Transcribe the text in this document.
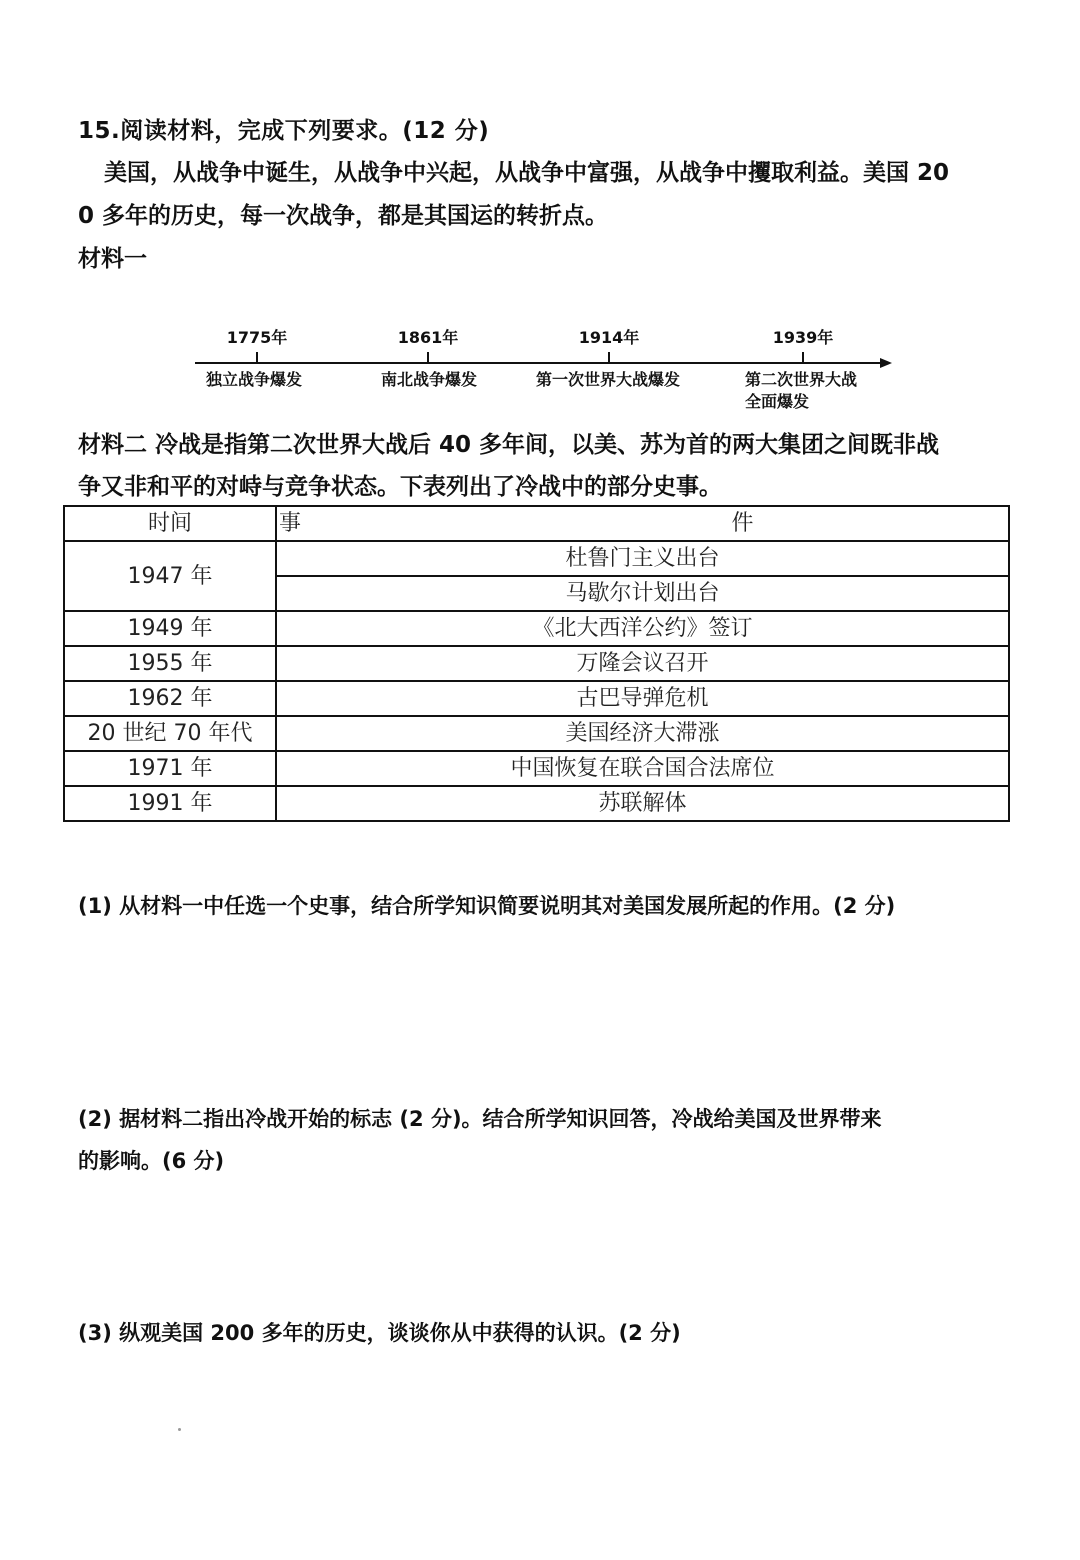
15.阅读材料，完成下列要求。(12 分)
美国，从战争中诞生，从战争中兴起，从战争中富强，从战争中攫取利益。美国 20
0 多年的历史，每一次战争，都是其国运的转折点。
材料一
1775年	1861年	1914年	1939年
独立战争爆发	南北战争爆发	第一次世界大战爆发	第二次世界大战
全面爆发
材料二 冷战是指第二次世界大战后 40 多年间，以美、苏为首的两大集团之间既非战
争又非和平的对峙与竞争状态。下表列出了冷战中的部分史事。
时间	事 件
1947 年	杜鲁门主义出台
	马歇尔计划出台
1949 年	《北大西洋公约》签订
1955 年	万隆会议召开
1962 年	古巴导弹危机
20 世纪 70 年代	美国经济大滞涨
1971 年	中国恢复在联合国合法席位
1991 年	苏联解体
(1) 从材料一中任选一个史事，结合所学知识简要说明其对美国发展所起的作用。(2 分)
(2) 据材料二指出冷战开始的标志 (2 分)。结合所学知识回答，冷战给美国及世界带来
的影响。(6 分)
(3) 纵观美国 200 多年的历史，谈谈你从中获得的认识。(2 分)
